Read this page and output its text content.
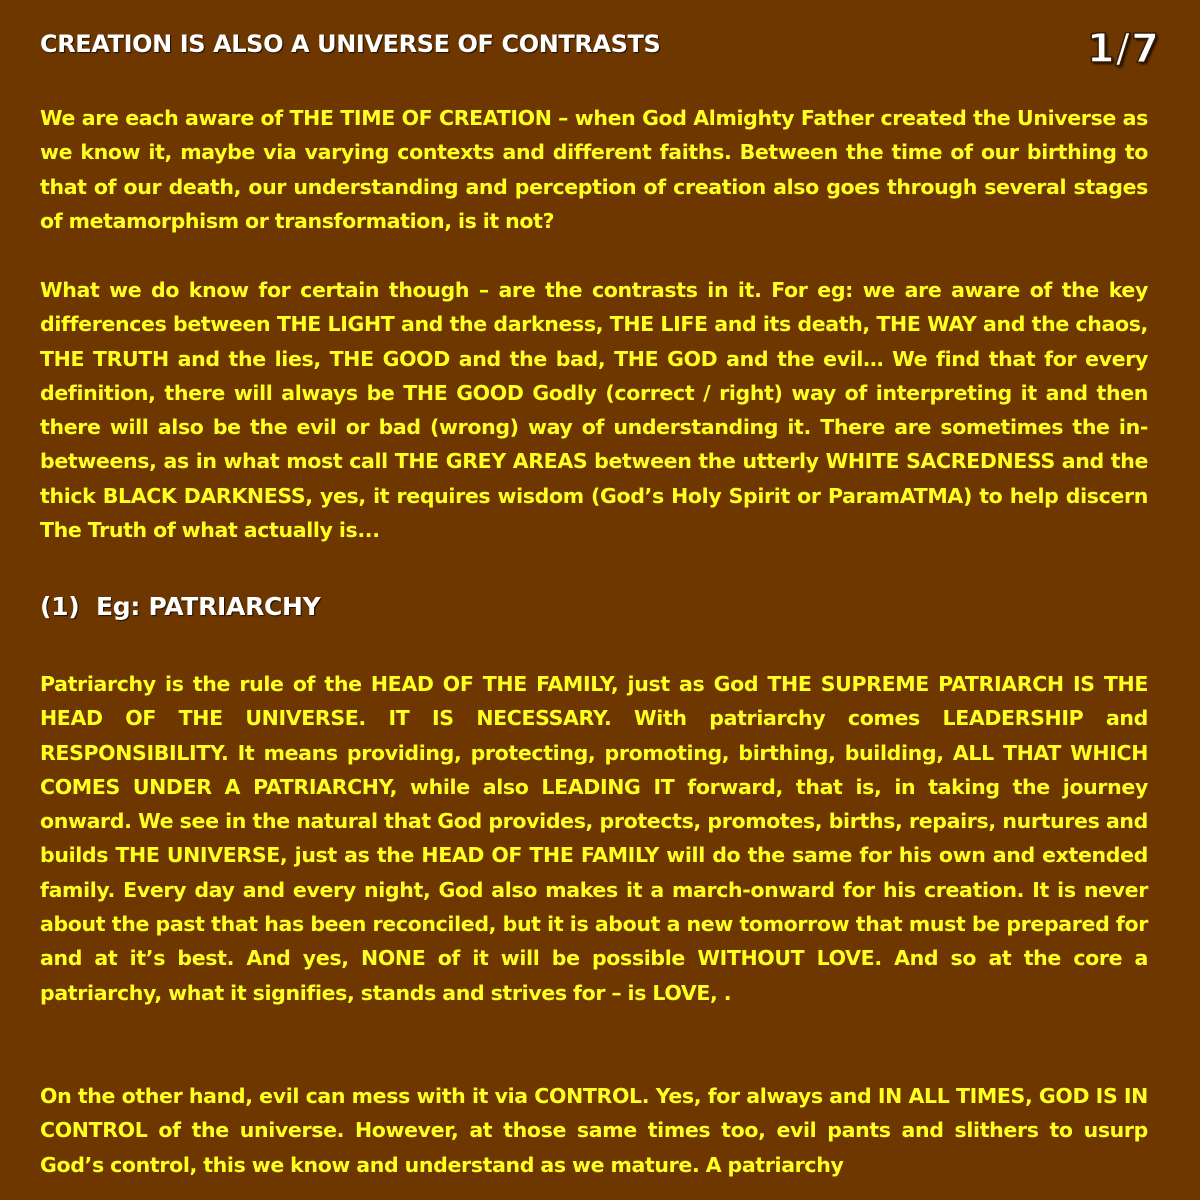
CREATION IS ALSO A UNIVERSE OF CONTRASTS	1/7

We are each aware of THE TIME OF CREATION – when God Almighty Father created the Universe as we know it, maybe via varying contexts and different faiths. Between the time of our birthing to that of our death, our understanding and perception of creation also goes through several stages of metamorphism or transformation, is it not?

What we do know for certain though – are the contrasts in it. For eg: we are aware of the key differences between THE LIGHT and the darkness, THE LIFE and its death, THE WAY and the chaos, THE TRUTH and the lies, THE GOOD and the bad, THE GOD and the evil… We find that for every definition, there will always be THE GOOD Godly (correct / right) way of interpreting it and then there will also be the evil or bad (wrong) way of understanding it. There are sometimes the in-betweens, as in what most call THE GREY AREAS between the utterly WHITE SACREDNESS and the thick BLACK DARKNESS, yes, it requires wisdom (God’s Holy Spirit or ParamATMA) to help discern The Truth of what actually is...

(1) Eg: PATRIARCHY

Patriarchy is the rule of the HEAD OF THE FAMILY, just as God THE SUPREME PATRIARCH IS THE HEAD OF THE UNIVERSE. IT IS NECESSARY. With patriarchy comes LEADERSHIP and RESPONSIBILITY. It means providing, protecting, promoting, birthing, building, ALL THAT WHICH COMES UNDER A PATRIARCHY, while also LEADING IT forward, that is, in taking the journey onward. We see in the natural that God provides, protects, promotes, births, repairs, nurtures and builds THE UNIVERSE, just as the HEAD OF THE FAMILY will do the same for his own and extended family. Every day and every night, God also makes it a march-onward for his creation. It is never about the past that has been reconciled, but it is about a new tomorrow that must be prepared for and at it’s best. And yes, NONE of it will be possible WITHOUT LOVE. And so at the core a patriarchy, what it signifies, stands and strives for – is LOVE, .

On the other hand, evil can mess with it via CONTROL. Yes, for always and IN ALL TIMES, GOD IS IN CONTROL of the universe. However, at those same times too, evil pants and slithers to usurp God’s control, this we know and understand as we mature. A patriarchy
